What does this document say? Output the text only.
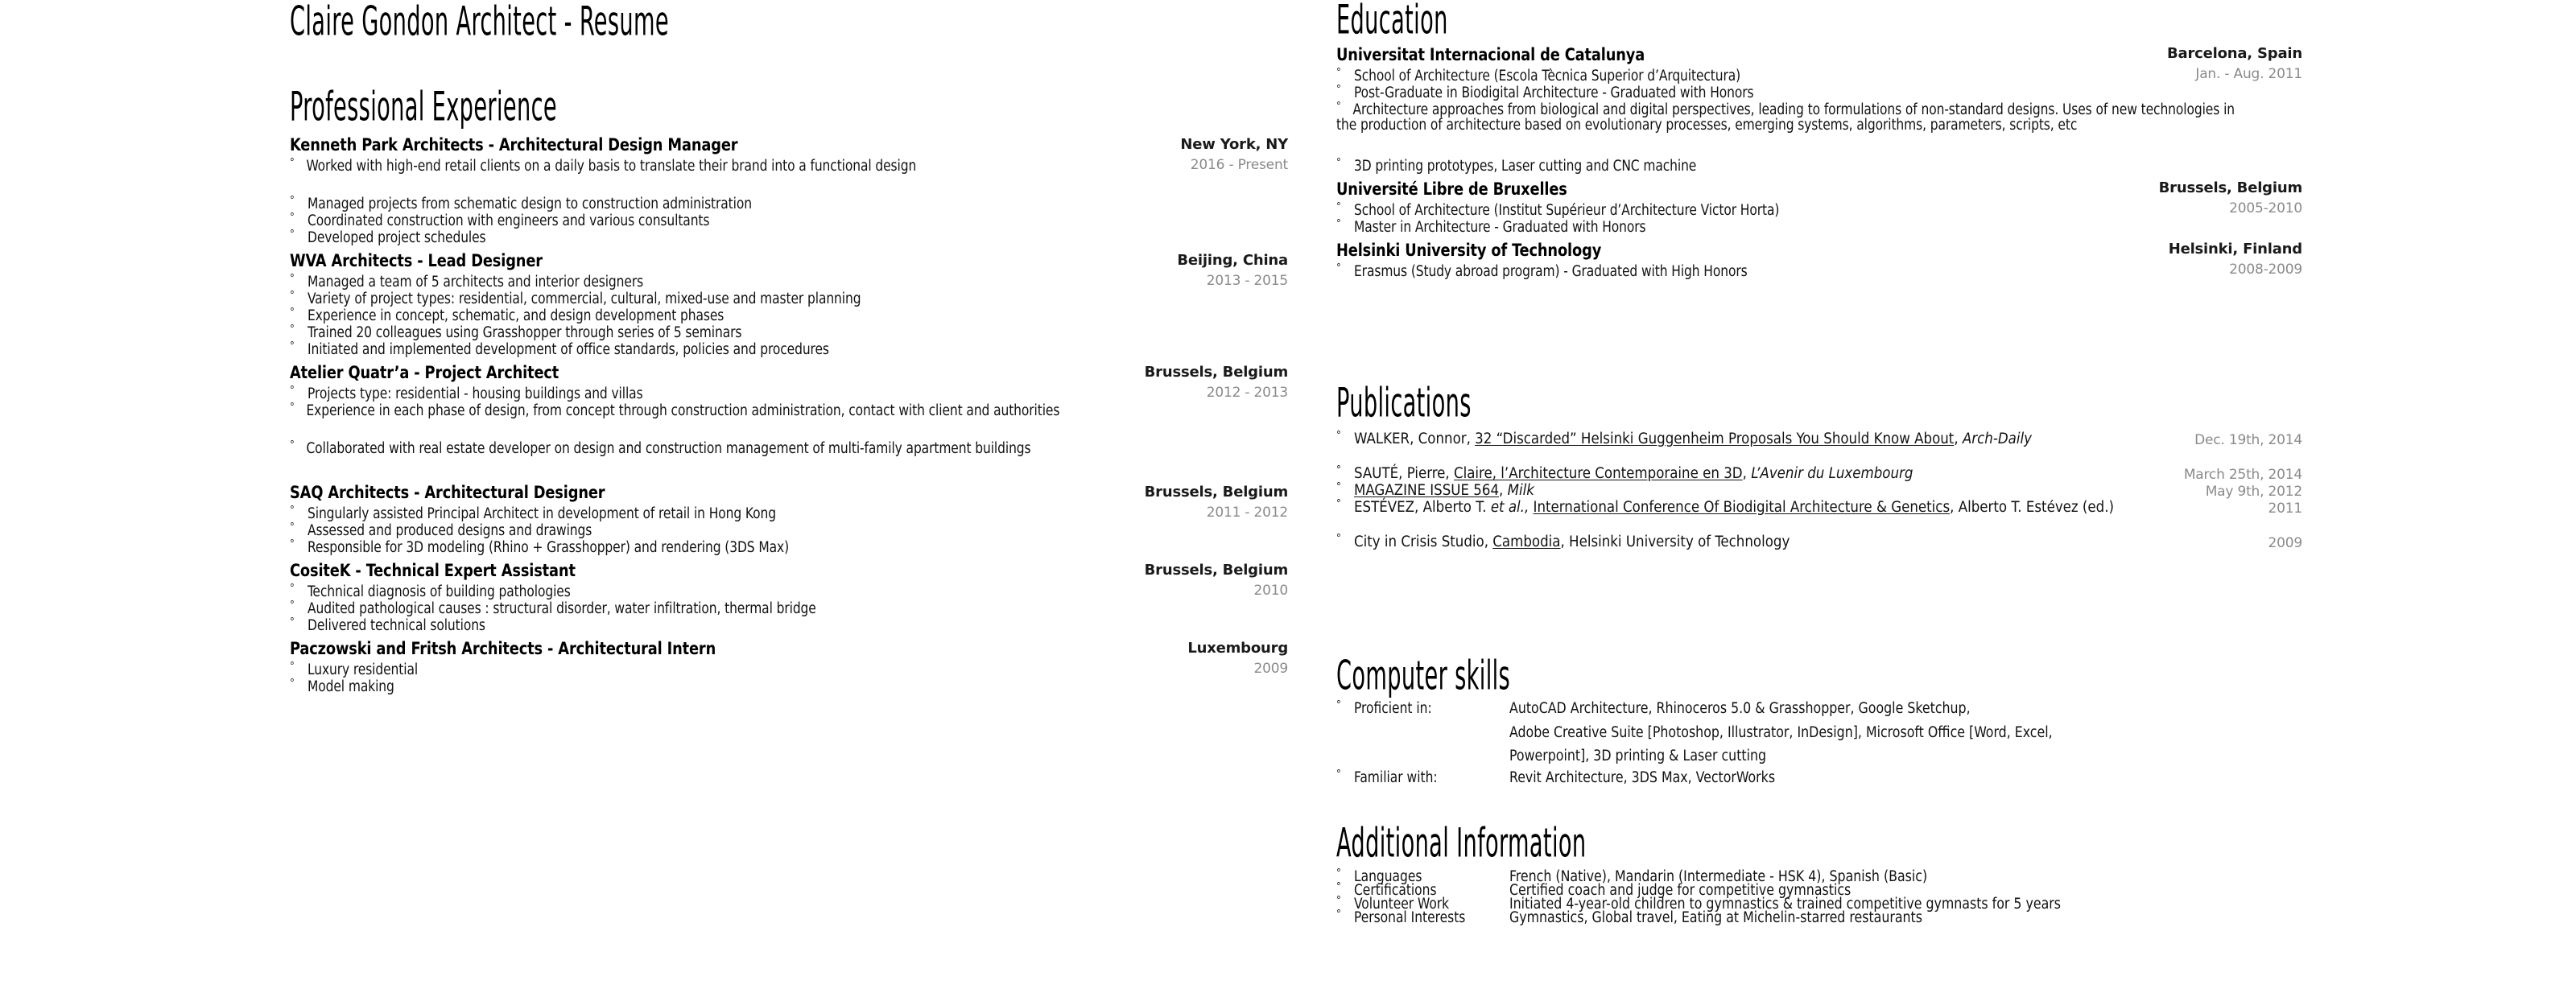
Claire Gondon Architect - Resume
Professional Experience
Kenneth Park Architects - Architectural Design Manager	New York, NY
2016 - Present
° Worked with high-end retail clients on a daily basis to translate their brand into a functional design
° Managed projects from schematic design to construction administration
° Coordinated construction with engineers and various consultants
° Developed project schedules
WVA Architects - Lead Designer	Beijing, China
2013 - 2015
° Managed a team of 5 architects and interior designers
° Variety of project types: residential, commercial, cultural, mixed-use and master planning
° Experience in concept, schematic, and design development phases
° Trained 20 colleagues using Grasshopper through series of 5 seminars
° Initiated and implemented development of office standards, policies and procedures
Atelier Quatr’a - Project Architect	Brussels, Belgium
2012 - 2013
° Projects type: residential - housing buildings and villas
° Experience in each phase of design, from concept through construction administration, contact with client and authorities
° Collaborated with real estate developer on design and construction management of multi-family apartment buildings
SAQ Architects - Architectural Designer	Brussels, Belgium
2011 - 2012
° Singularly assisted Principal Architect in development of retail in Hong Kong
° Assessed and produced designs and drawings
° Responsible for 3D modeling (Rhino + Grasshopper) and rendering (3DS Max)
CositeK - Technical Expert Assistant	Brussels, Belgium
2010
° Technical diagnosis of building pathologies
° Audited pathological causes : structural disorder, water infiltration, thermal bridge
° Delivered technical solutions
Paczowski and Fritsh Architects - Architectural Intern	Luxembourg
2009
° Luxury residential
° Model making
Education
Universitat Internacional de Catalunya	Barcelona, Spain
Jan. - Aug. 2011
° School of Architecture (Escola Tècnica Superior d’Arquitectura)
° Post-Graduate in Biodigital Architecture - Graduated with Honors
° Architecture approaches from biological and digital perspectives, leading to formulations of non-standard designs. Uses of new technologies in the production of architecture based on evolutionary processes, emerging systems, algorithms, parameters, scripts, etc
° 3D printing prototypes, Laser cutting and CNC machine
Université Libre de Bruxelles	Brussels, Belgium
2005-2010
° School of Architecture (Institut Supérieur d’Architecture Victor Horta)
° Master in Architecture - Graduated with Honors
Helsinki University of Technology	Helsinki, Finland
2008-2009
° Erasmus (Study abroad program) - Graduated with High Honors
Publications
° WALKER, Connor, 32 “Discarded” Helsinki Guggenheim Proposals You Should Know About, Arch-Daily	Dec. 19th, 2014
° SAUTÉ, Pierre, Claire, l’Architecture Contemporaine en 3D, L’Avenir du Luxembourg	March 25th, 2014
° MAGAZINE ISSUE 564, Milk	May 9th, 2012
° ESTÉVEZ, Alberto T. et al., International Conference Of Biodigital Architecture & Genetics, Alberto T. Estévez (ed.)	2011
° City in Crisis Studio, Cambodia, Helsinki University of Technology	2009
Computer skills
° Proficient in:	AutoCAD Architecture, Rhinoceros 5.0 & Grasshopper, Google Sketchup,
Adobe Creative Suite [Photoshop, Illustrator, InDesign], Microsoft Office [Word, Excel,
Powerpoint], 3D printing & Laser cutting
° Familiar with:	Revit Architecture, 3DS Max, VectorWorks
Additional Information
° Languages	French (Native), Mandarin (Intermediate - HSK 4), Spanish (Basic)
° Certifications	Certified coach and judge for competitive gymnastics
° Volunteer Work	Initiated 4-year-old children to gymnastics & trained competitive gymnasts for 5 years
° Personal Interests	Gymnastics, Global travel, Eating at Michelin-starred restaurants
